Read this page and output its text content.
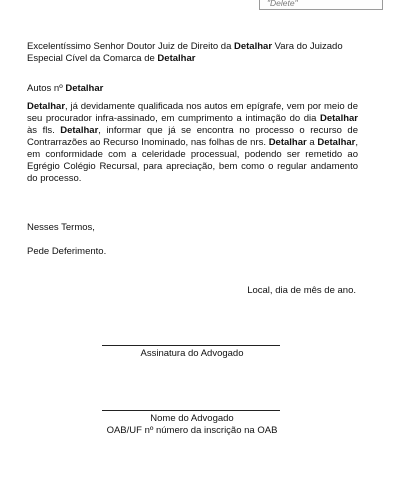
"Delete"
Excelentíssimo Senhor Doutor Juiz de Direito da Detalhar Vara do Juizado Especial Cível da Comarca de Detalhar
Autos nº Detalhar
Detalhar, já devidamente qualificada nos autos em epígrafe, vem por meio de seu procurador infra-assinado, em cumprimento a intimação do dia Detalhar às fls. Detalhar, informar que já se encontra no processo o recurso de Contrarrazões ao Recurso Inominado, nas folhas de nrs. Detalhar a Detalhar, em conformidade com a celeridade processual, podendo ser remetido ao Egrégio Colégio Recursal, para apreciação, bem como o regular andamento do processo.
Nesses Termos,
Pede Deferimento.
Local, dia de mês de ano.
Assinatura do Advogado
Nome do Advogado
OAB/UF nº número da inscrição na OAB
